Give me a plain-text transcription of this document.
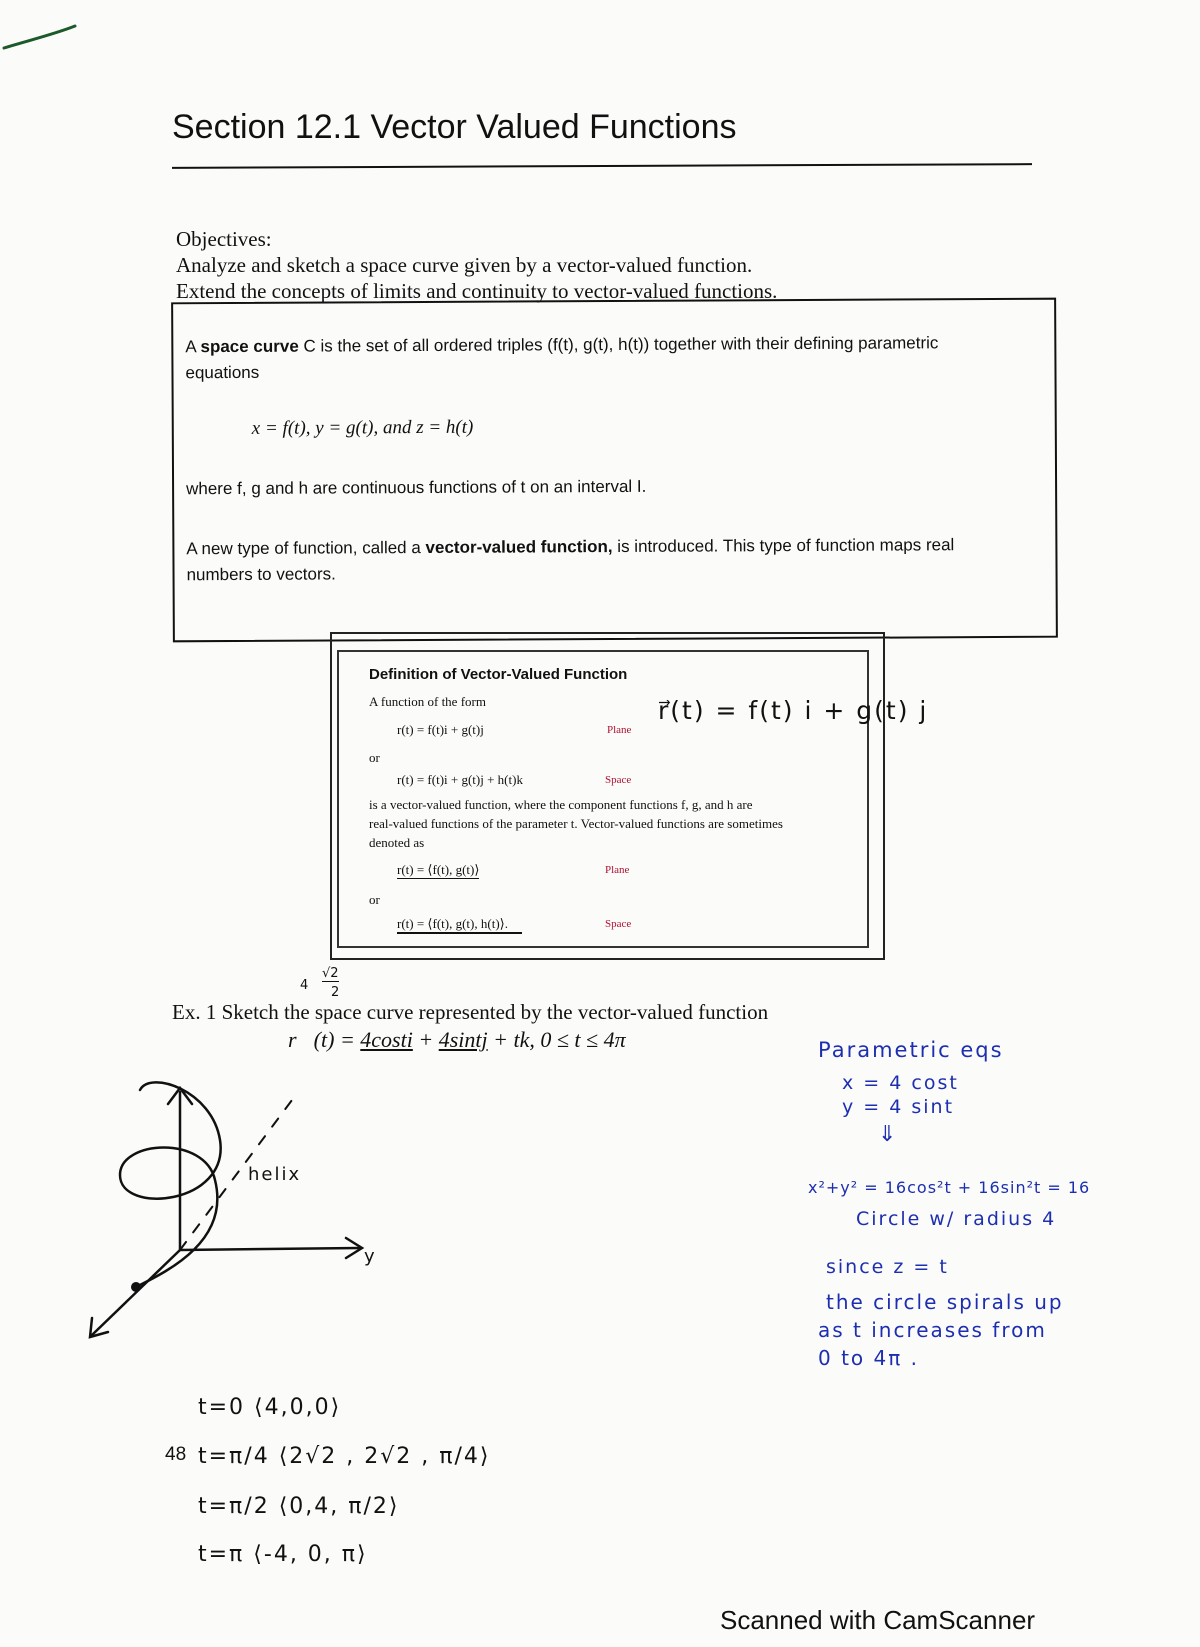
Section 12.1 Vector Valued Functions
Objectives:
Analyze and sketch a space curve given by a vector-valued function.
Extend the concepts of limits and continuity to vector-valued functions.
A space curve C is the set of all ordered triples (f(t), g(t), h(t)) together with their defining parametric
equations
x = f(t), y = g(t), and z = h(t)
where f, g and h are continuous functions of t on an interval I.
A new type of function, called a vector-valued function, is introduced. This type of function maps real
numbers to vectors.
Definition of Vector-Valued Function
A function of the form
r(t) = f(t)i + g(t)j	Plane
or
r(t) = f(t)i + g(t)j + h(t)k	Space
is a vector-valued function, where the component functions f, g, and h are
real-valued functions of the parameter t. Vector-valued functions are sometimes
denoted as
r(t) = ⟨f(t), g(t)⟩	Plane
or
r(t) = ⟨f(t), g(t), h(t)⟩.	Space
r⃗(t) = f(t) i + g(t) j
4
√2
2
Ex. 1 Sketch the space curve represented by the vector-valued function
r⃗(t) = 4costi + 4sintj + tk, 0 ≤ t ≤ 4π
helix
y
Parametric eqs
x = 4 cost
y = 4 sint
⇓
x²+y² = 16cos²t + 16sin²t = 16
Circle w/ radius 4
since z = t
the circle spirals up
as t increases from
0 to 4π .
t=0 ⟨4,0,0⟩
48 t=π/4 ⟨2√2 , 2√2 , π/4⟩
t=π/2 ⟨0,4, π/2⟩
t=π ⟨-4, 0, π⟩
Scanned with CamScanner
